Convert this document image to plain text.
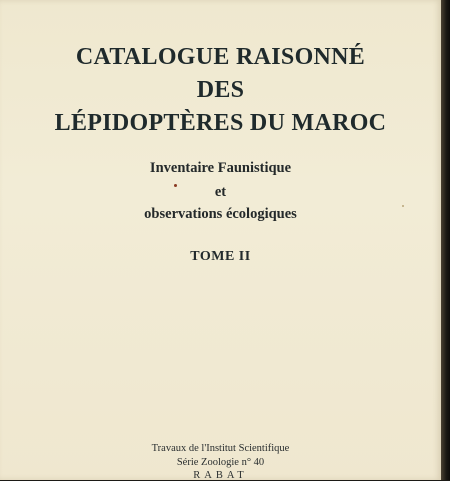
CATALOGUE RAISONNÉ
DES
LÉPIDOPTÈRES DU MAROC
Inventaire Faunistique
et
observations écologiques
TOME II
Travaux de l'Institut Scientifique
Série Zoologie n° 40
RABAT
